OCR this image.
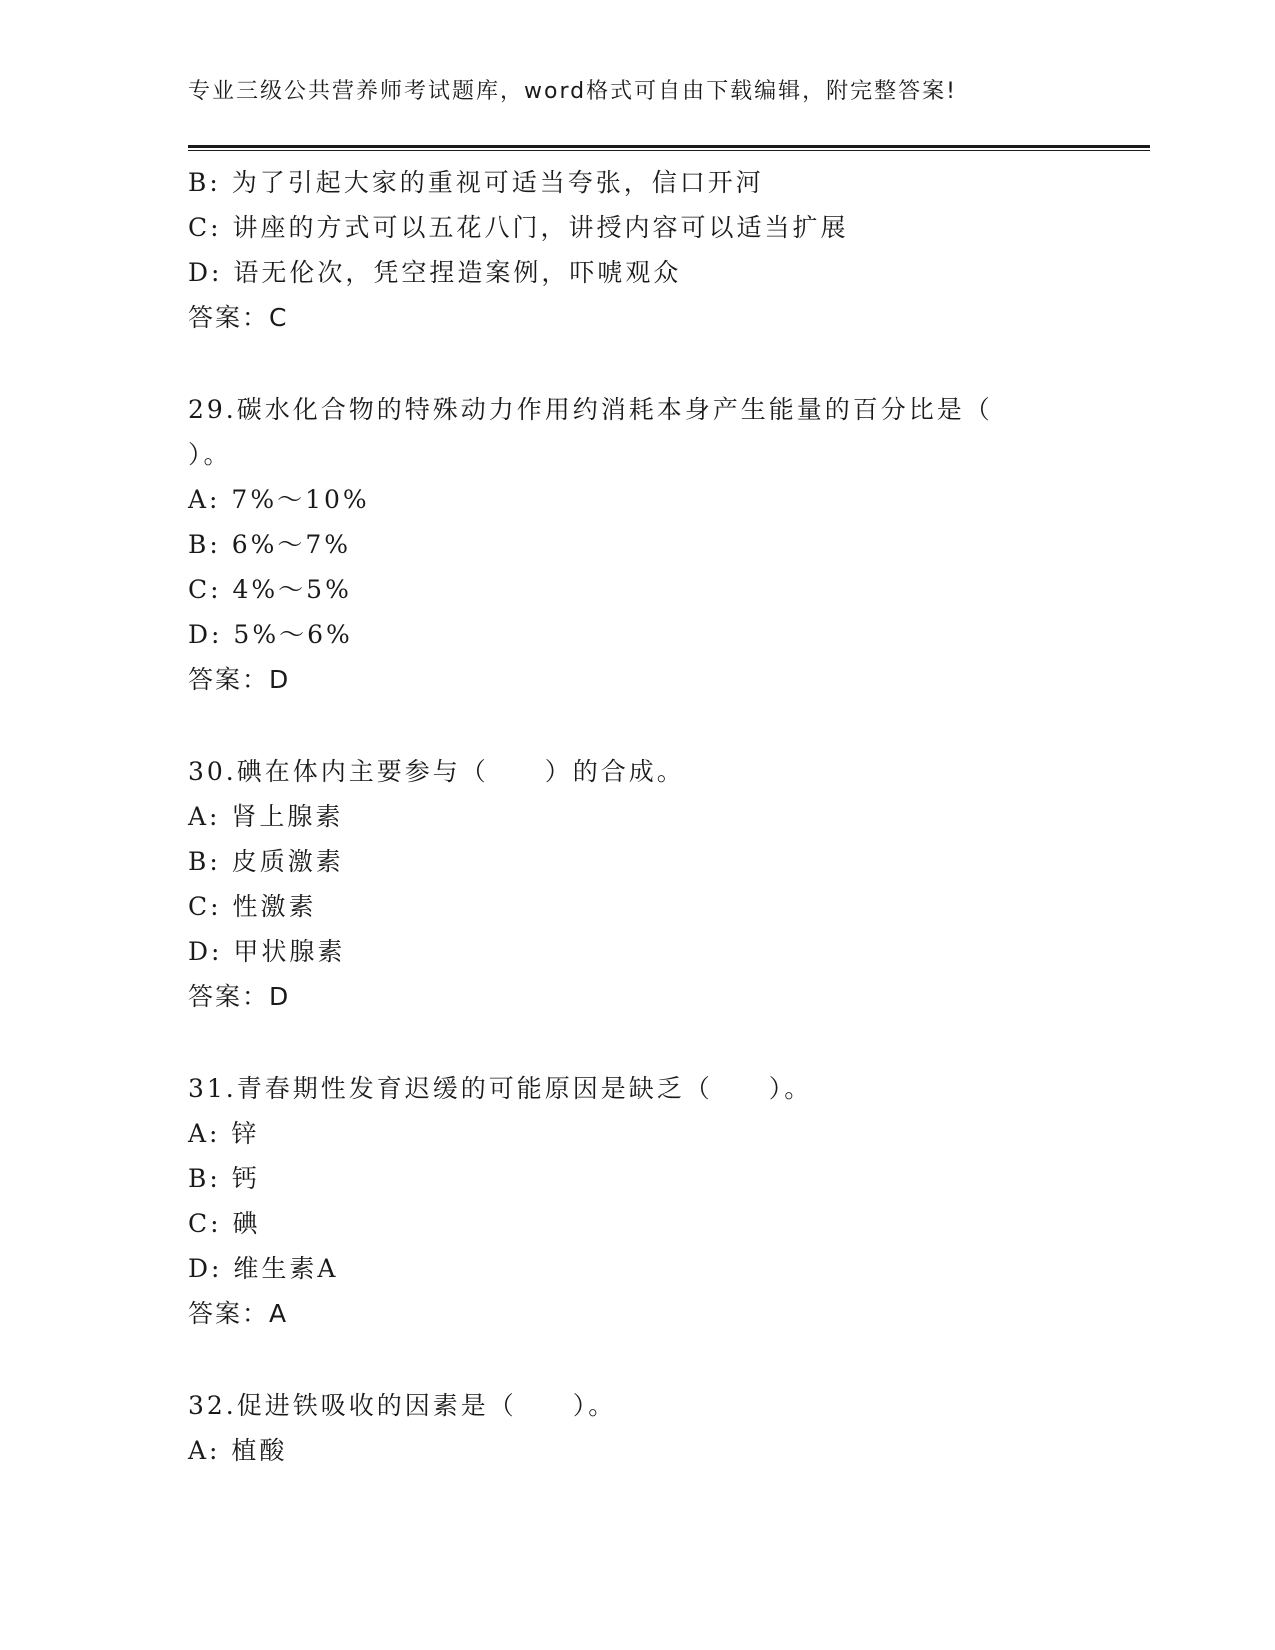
专业三级公共营养师考试题库，word格式可自由下载编辑，附完整答案!
B: 为了引起大家的重视可适当夸张，信口开河
C: 讲座的方式可以五花八门，讲授内容可以适当扩展
D: 语无伦次，凭空捏造案例，吓唬观众
答案：C
29.碳水化合物的特殊动力作用约消耗本身产生能量的百分比是（
）。
A: 7%～10%
B: 6%～7%
C: 4%～5%
D: 5%～6%
答案：D
30.碘在体内主要参与（　　）的合成。
A: 肾上腺素
B: 皮质激素
C: 性激素
D: 甲状腺素
答案：D
31.青春期性发育迟缓的可能原因是缺乏（　　）。
A: 锌
B: 钙
C: 碘
D: 维生素A
答案：A
32.促进铁吸收的因素是（　　）。
A: 植酸
